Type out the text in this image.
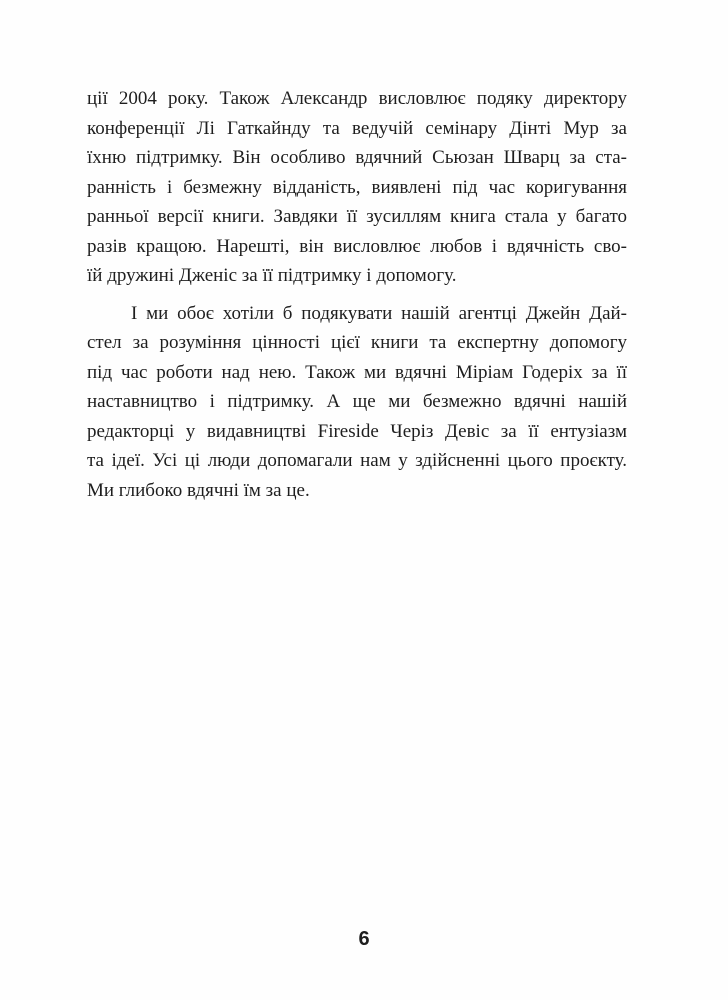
ції 2004 року. Також Александр висловлює подяку директору
конференції Лі Гаткайнду та ведучій семінару Дінті Мур за
їхню підтримку. Він особливо вдячний Сьюзан Шварц за ста-
ранність і безмежну відданість, виявлені під час коригування
ранньої версії книги. Завдяки її зусиллям книга стала у багато
разів кращою. Нарешті, він висловлює любов і вдячність сво-
їй дружині Дженіс за її підтримку і допомогу.

І ми обоє хотіли б подякувати нашій агентці Джейн Дай-
стел за розуміння цінності цієї книги та експертну допомогу
під час роботи над нею. Також ми вдячні Міріам Годеріх за її
наставництво і підтримку. А ще ми безмежно вдячні нашій
редакторці у видавництві Fireside Черіз Девіс за її ентузіазм
та ідеї. Усі ці люди допомагали нам у здійсненні цього проєкту.
Ми глибоко вдячні їм за це.

6
